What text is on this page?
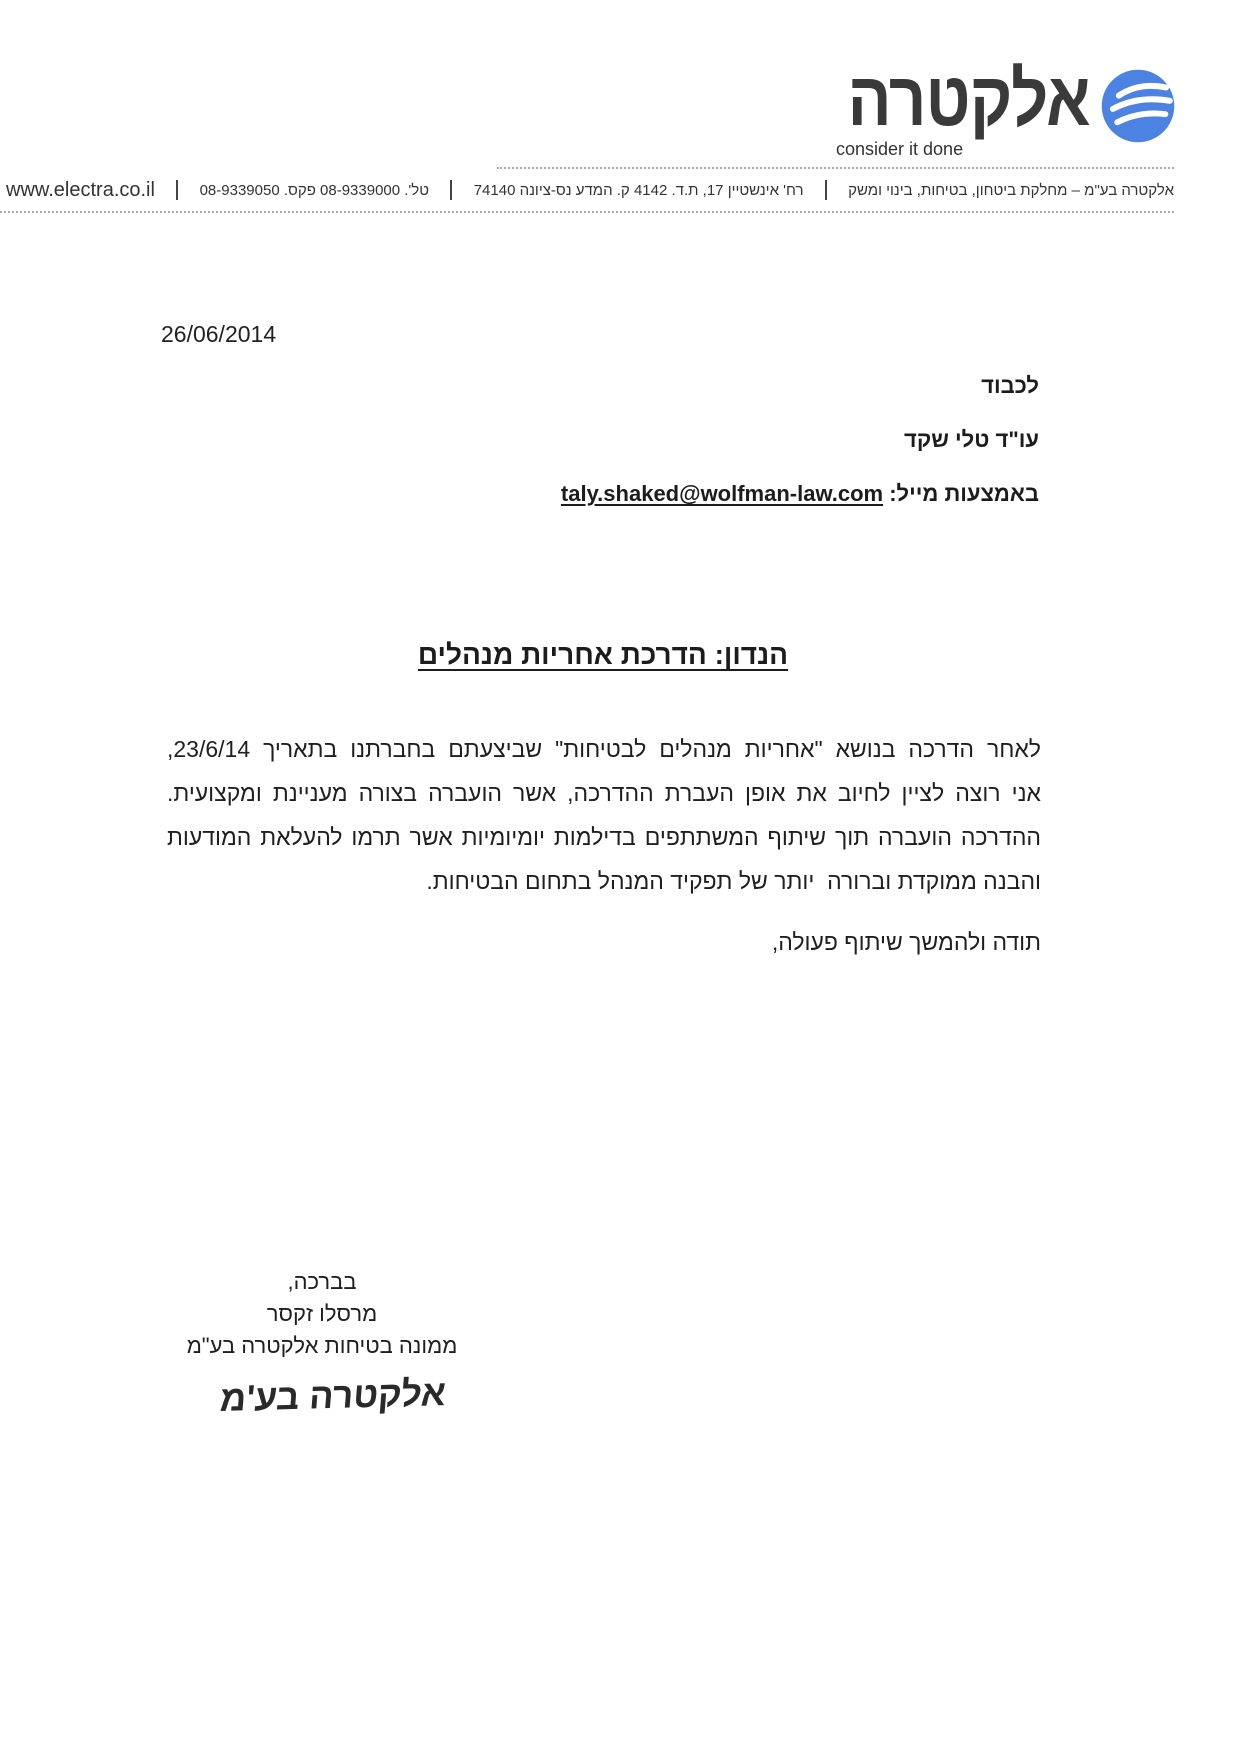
אלקטרה
consider it done
אלקטרה בע"מ – מחלקת ביטחון, בטיחות, בינוי ומשק
רח' אינשטיין 17, ת.ד. 4142 ק. המדע נס-ציונה 74140
טל'. 08-9339000 פקס. 08-9339050
www.electra.co.il
26/06/2014
לכבוד
עו"ד טלי שקד
באמצעות מייל: taly.shaked@wolfman-law.com
הנדון: הדרכת אחריות מנהלים
לאחר הדרכה בנושא "אחריות מנהלים לבטיחות" שביצעתם בחברתנו בתאריך 23/6/14,
אני רוצה לציין לחיוב את אופן העברת ההדרכה, אשר הועברה בצורה מעניינת ומקצועית.
ההדרכה הועברה תוך שיתוף המשתתפים בדילמות יומיומיות אשר תרמו להעלאת המודעות
והבנה ממוקדת וברורה  יותר של תפקיד המנהל בתחום הבטיחות.
תודה ולהמשך שיתוף פעולה,
בברכה,
מרסלו זקסר
ממונה בטיחות אלקטרה בע"מ
אלקטרה בע'מ
